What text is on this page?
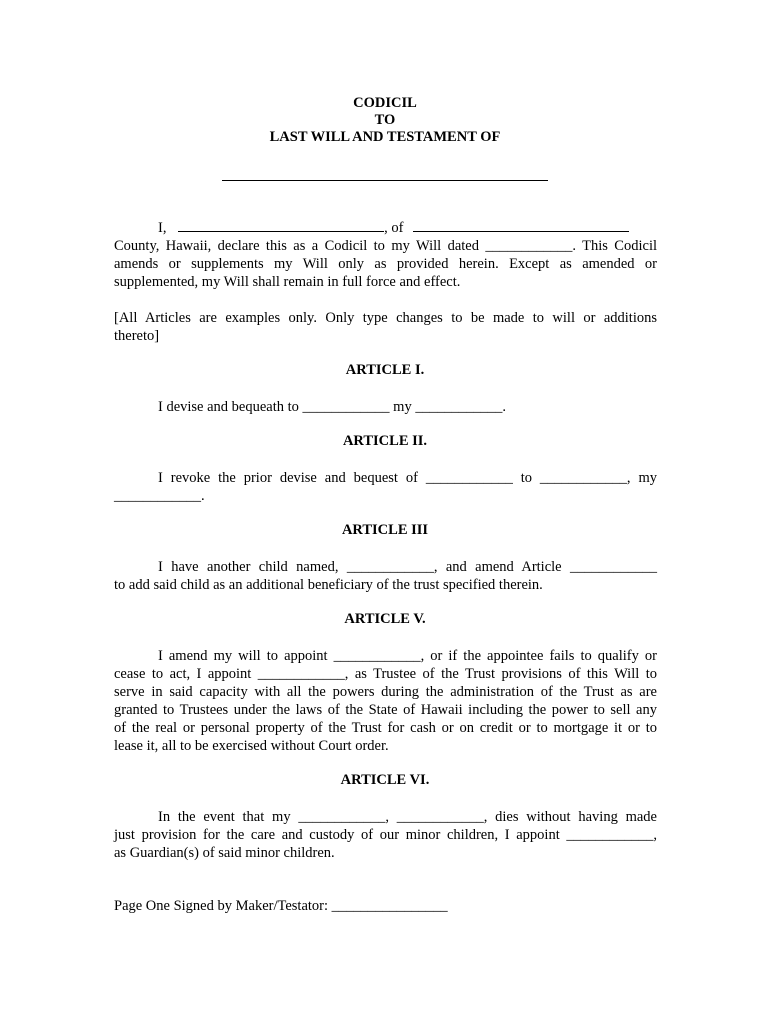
CODICIL
TO
LAST WILL AND TESTAMENT OF
I,	, of
County, Hawaii, declare this as a Codicil to my Will dated ____________. This Codicil
amends or supplements my Will only as provided herein. Except as amended or
supplemented, my Will shall remain in full force and effect.
[All Articles are examples only. Only type changes to be made to will or additions
thereto]
ARTICLE I.
I devise and bequeath to ____________ my ____________.
ARTICLE II.
I revoke the prior devise and bequest of ____________ to ____________, my
____________.
ARTICLE III
I have another child named, ____________, and amend Article ____________
to add said child as an additional beneficiary of the trust specified therein.
ARTICLE V.
I amend my will to appoint ____________, or if the appointee fails to qualify or
cease to act, I appoint ____________, as Trustee of the Trust provisions of this Will to
serve in said capacity with all the powers during the administration of the Trust as are
granted to Trustees under the laws of the State of Hawaii including the power to sell any
of the real or personal property of the Trust for cash or on credit or to mortgage it or to
lease it, all to be exercised without Court order.
ARTICLE VI.
In the event that my ____________, ____________, dies without having made
just provision for the care and custody of our minor children, I appoint ____________,
as Guardian(s) of said minor children.
Page One Signed by Maker/Testator: ________________
